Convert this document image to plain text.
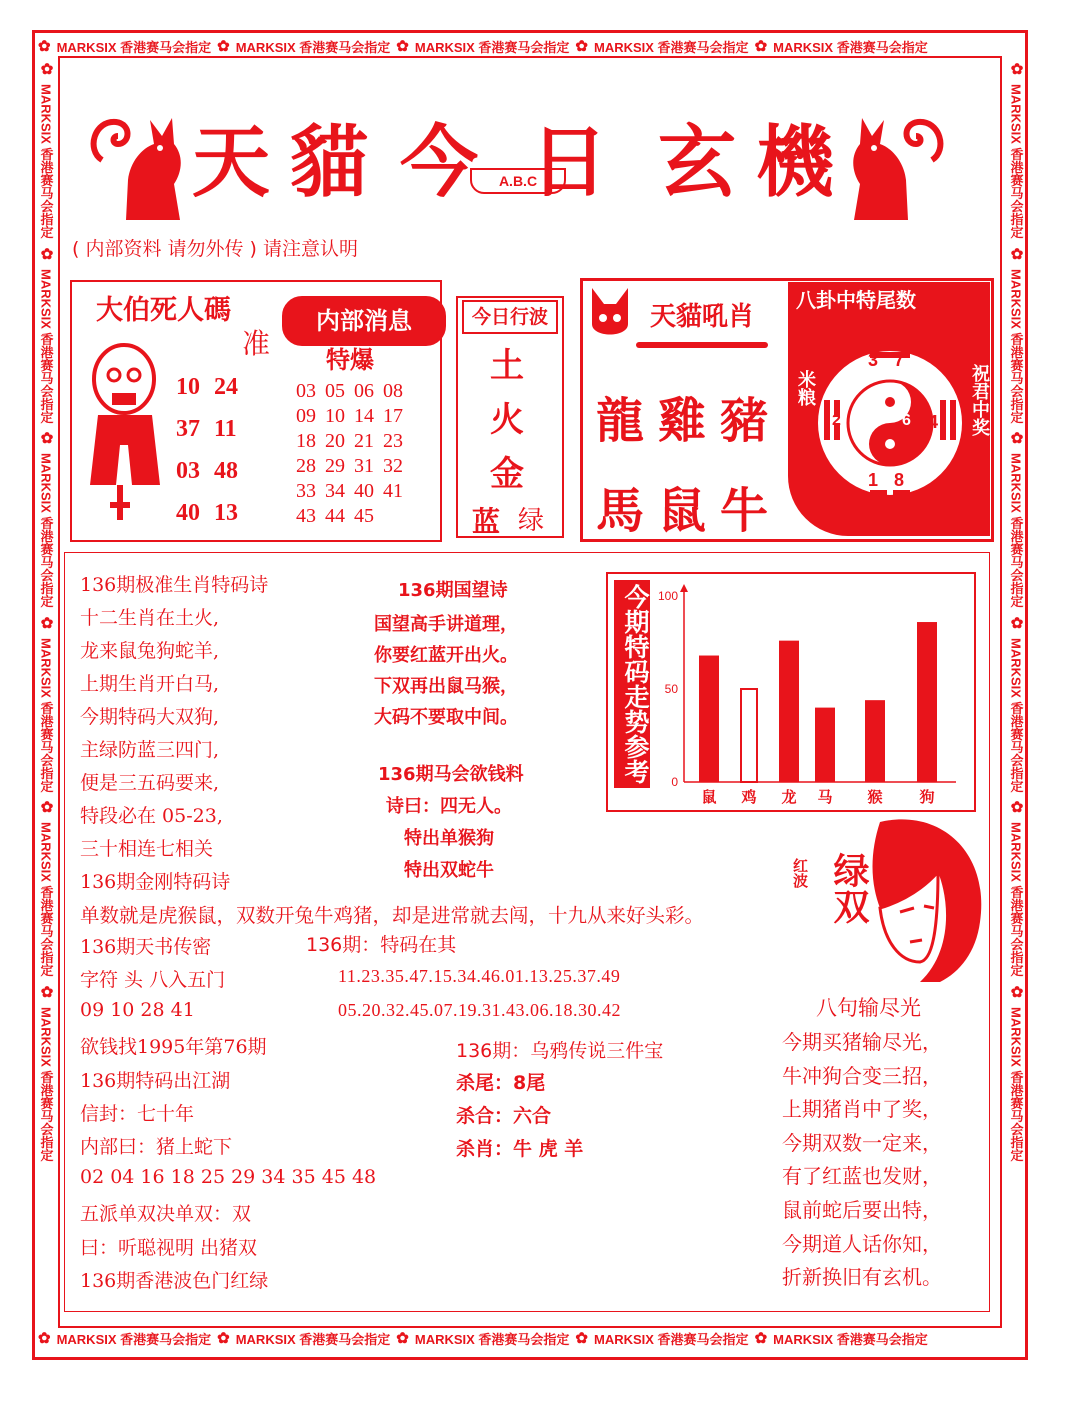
✿ MARKSIX 香港赛马会指定 ✿ MARKSIX 香港赛马会指定 ✿ MARKSIX 香港赛马会指定 ✿ MARKSIX 香港赛马会指定 ✿ MARKSIX 香港赛马会指定
✿ MARKSIX 香港赛马会指定 ✿ MARKSIX 香港赛马会指定 ✿ MARKSIX 香港赛马会指定 ✿ MARKSIX 香港赛马会指定 ✿ MARKSIX 香港赛马会指定
✿
MARKSIX 香港赛马会指定
✿
MARKSIX 香港赛马会指定
✿
MARKSIX 香港赛马会指定
✿
MARKSIX 香港赛马会指定
✿
MARKSIX 香港赛马会指定
✿
MARKSIX 香港赛马会指定
✿
MARKSIX 香港赛马会指定
✿
MARKSIX 香港赛马会指定
✿
MARKSIX 香港赛马会指定
✿
MARKSIX 香港赛马会指定
✿
MARKSIX 香港赛马会指定
✿
MARKSIX 香港赛马会指定
天 貓 今 日 玄 機
A.B.C
( 内部资料 请勿外传 ) 请注意认明
大伯死人碼
准
10 24
37 11
03 48
40 13
内部消息
特爆
03 05 06 08
09 10 14 17
18 20 21 23
28 29 31 32
33 34 40 41
43 44 45
今日行波
土
火
金
蓝 绿
天貓吼肖
龍雞豬
馬鼠牛
八卦中特尾数
3 7
2	6 4
1 8
米粮	祝君中奖
136期极准生肖特码诗
十二生肖在土火,
龙来鼠兔狗蛇羊,
上期生肖开白马,
今期特码大双狗,
主绿防蓝三四门,
便是三五码要来,
特段必在 05-23,
三十相连七相关
136期金刚特码诗
单数就是虎猴鼠，双数开兔牛鸡猪，却是进常就去闯，十九从来好头彩。
136期天书传密
字符 头 八入五门
09 10 28 41
欲钱找1995年第76期
136期特码出江湖
信封：七十年
内部曰：猪上蛇下
02 04 16 18 25 29 34 35 45 48
五派单双决单双：双
曰：听聪视明 出猪双
136期香港波色门红绿
136期国望诗
国望高手讲道理，
你要红蓝开出火。
下双再出鼠马猴，
大码不要取中间。
136期马会欲钱料
诗曰：四无人。
特出单猴狗
特出双蛇牛
136期：特码在其
11.23.35.47.15.34.46.01.13.25.37.49
05.20.32.45.07.19.31.43.06.18.30.42
136期：乌鸦传说三件宝
杀尾：8尾
杀合：六合
杀肖：牛 虎 羊
今期特码走势参考 0
50
100
鼠 鸡 龙 马 猴 狗
绿双
红波
八句输尽光
今期买猪输尽光，
牛冲狗合变三招，
上期猪肖中了奖，
今期双数一定来，
有了红蓝也发财，
鼠前蛇后要出特，
今期道人话你知，
折新换旧有玄机。
